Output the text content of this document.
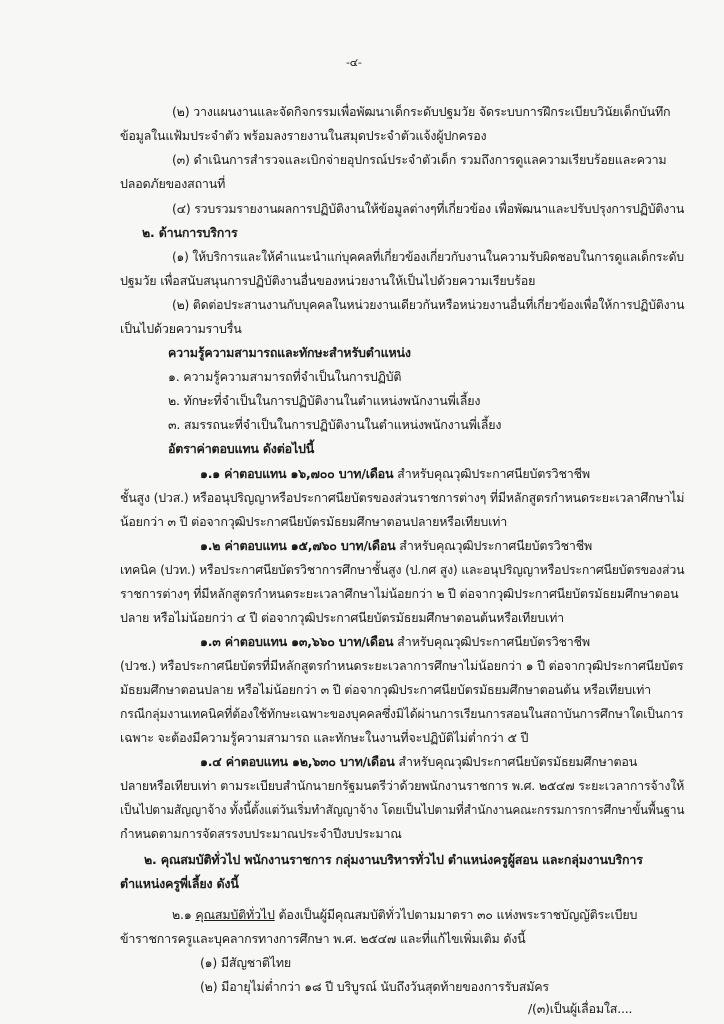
-๔-

(๒) วางแผนงานและจัดกิจกรรมเพื่อพัฒนาเด็กระดับปฐมวัย จัดระบบการฝึกระเบียบวินัยเด็กบันทึก

ข้อมูลในแฟ้มประจำตัว พร้อมลงรายงานในสมุดประจำตัวแจ้งผู้ปกครอง

(๓) ดำเนินการสำรวจและเบิกจ่ายอุปกรณ์ประจำตัวเด็ก รวมถึงการดูแลความเรียบร้อยและความ

ปลอดภัยของสถานที่

(๔) รวบรวมรายงานผลการปฏิบัติงานให้ข้อมูลต่างๆที่เกี่ยวข้อง เพื่อพัฒนาและปรับปรุงการปฏิบัติงาน

๒. ด้านการบริการ

(๑) ให้บริการและให้คำแนะนำแก่บุคคลที่เกี่ยวข้องเกี่ยวกับงานในความรับผิดชอบในการดูแลเด็กระดับ

ปฐมวัย เพื่อสนับสนุนการปฏิบัติงานอื่นของหน่วยงานให้เป็นไปด้วยความเรียบร้อย

(๒) ติดต่อประสานงานกับบุคคลในหน่วยงานเดียวกันหรือหน่วยงานอื่นที่เกี่ยวข้องเพื่อให้การปฏิบัติงาน

เป็นไปด้วยความราบรื่น

ความรู้ความสามารถและทักษะสำหรับตำแหน่ง

๑. ความรู้ความสามารถที่จำเป็นในการปฏิบัติ

๒. ทักษะที่จำเป็นในการปฏิบัติงานในตำแหน่งพนักงานพี่เลี้ยง

๓. สมรรถนะที่จำเป็นในการปฏิบัติงานในตำแหน่งพนักงานพี่เลี้ยง

อัตราค่าตอบแทน ดังต่อไปนี้

๑.๑ ค่าตอบแทน ๑๖,๗๐๐ บาท/เดือน สำหรับคุณวุฒิประกาศนียบัตรวิชาชีพ

ชั้นสูง (ปวส.) หรืออนุปริญญาหรือประกาศนียบัตรของส่วนราชการต่างๆ ที่มีหลักสูตรกำหนดระยะเวลาศึกษาไม่

น้อยกว่า ๓ ปี ต่อจากวุฒิประกาศนียบัตรมัธยมศึกษาตอนปลายหรือเทียบเท่า

๑.๒ ค่าตอบแทน ๑๕,๗๖๐ บาท/เดือน สำหรับคุณวุฒิประกาศนียบัตรวิชาชีพ

เทคนิค (ปวท.) หรือประกาศนียบัตรวิชาการศึกษาชั้นสูง (ป.กศ สูง) และอนุปริญญาหรือประกาศนียบัตรของส่วน

ราชการต่างๆ ที่มีหลักสูตรกำหนดระยะเวลาศึกษาไม่น้อยกว่า ๒ ปี ต่อจากวุฒิประกาศนียบัตรมัธยมศึกษาตอน

ปลาย หรือไม่น้อยกว่า ๔ ปี ต่อจากวุฒิประกาศนียบัตรมัธยมศึกษาตอนต้นหรือเทียบเท่า

๑.๓ ค่าตอบแทน ๑๓,๖๖๐ บาท/เดือน สำหรับคุณวุฒิประกาศนียบัตรวิชาชีพ

(ปวช.) หรือประกาศนียบัตรที่มีหลักสูตรกำหนดระยะเวลาการศึกษาไม่น้อยกว่า ๑ ปี ต่อจากวุฒิประกาศนียบัตร

มัธยมศึกษาตอนปลาย หรือไม่น้อยกว่า ๓ ปี ต่อจากวุฒิประกาศนียบัตรมัธยมศึกษาตอนต้น หรือเทียบเท่า

กรณีกลุ่มงานเทคนิคที่ต้องใช้ทักษะเฉพาะของบุคคลซึ่งมิได้ผ่านการเรียนการสอนในสถาบันการศึกษาใดเป็นการ

เฉพาะ จะต้องมีความรู้ความสามารถ และทักษะในงานที่จะปฏิบัติไม่ต่ำกว่า ๕ ปี

๑.๔ ค่าตอบแทน ๑๒,๖๓๐ บาท/เดือน สำหรับคุณวุฒิประกาศนียบัตรมัธยมศึกษาตอน

ปลายหรือเทียบเท่า ตามระเบียบสำนักนายกรัฐมนตรีว่าด้วยพนักงานราชการ พ.ศ. ๒๕๔๗ ระยะเวลาการจ้างให้

เป็นไปตามสัญญาจ้าง ทั้งนี้ตั้งแต่วันเริ่มทำสัญญาจ้าง โดยเป็นไปตามที่สำนักงานคณะกรรมการการศึกษาขั้นพื้นฐาน

กำหนดตามการจัดสรรงบประมาณประจำปีงบประมาณ

๒. คุณสมบัติทั่วไป พนักงานราชการ กลุ่มงานบริหารทั่วไป ตำแหน่งครูผู้สอน และกลุ่มงานบริการ

ตำแหน่งครูพี่เลี้ยง ดังนี้

๒.๑ คุณสมบัติทั่วไป ต้องเป็นผู้มีคุณสมบัติทั่วไปตามมาตรา ๓๐ แห่งพระราชบัญญัติระเบียบ

ข้าราชการครูและบุคลากรทางการศึกษา พ.ศ. ๒๕๔๗ และที่แก้ไขเพิ่มเติม ดังนี้

(๑) มีสัญชาติไทย

(๒) มีอายุไม่ต่ำกว่า ๑๘ ปี บริบูรณ์ นับถึงวันสุดท้ายของการรับสมัคร

/(๓)เป็นผู้เลื่อมใส....
